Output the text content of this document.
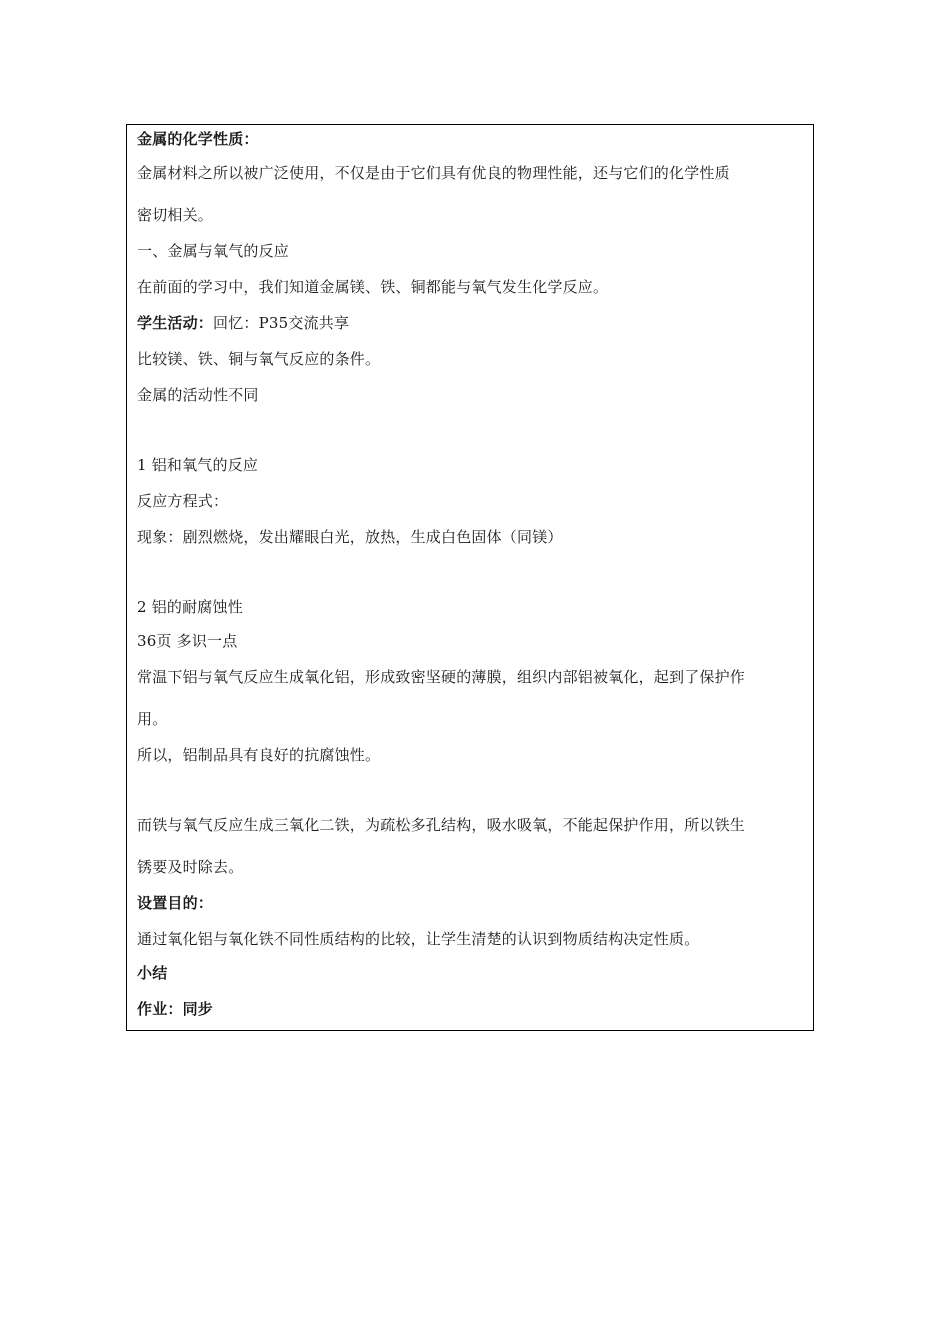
金属的化学性质：
金属材料之所以被广泛使用，不仅是由于它们具有优良的物理性能，还与它们的化学性质
密切相关。
一、金属与氧气的反应
在前面的学习中，我们知道金属镁、铁、铜都能与氧气发生化学反应。
学生活动：回忆：P35交流共享
比较镁、铁、铜与氧气反应的条件。
金属的活动性不同
1 铝和氧气的反应
反应方程式：
现象：剧烈燃烧，发出耀眼白光，放热，生成白色固体（同镁）
2 铝的耐腐蚀性
36页 多识一点
常温下铝与氧气反应生成氧化铝，形成致密坚硬的薄膜，组织内部铝被氧化，起到了保护作
用。
所以，铝制品具有良好的抗腐蚀性。
而铁与氧气反应生成三氧化二铁，为疏松多孔结构，吸水吸氧，不能起保护作用，所以铁生
锈要及时除去。
设置目的：
通过氧化铝与氧化铁不同性质结构的比较，让学生清楚的认识到物质结构决定性质。
小结
作业：同步
